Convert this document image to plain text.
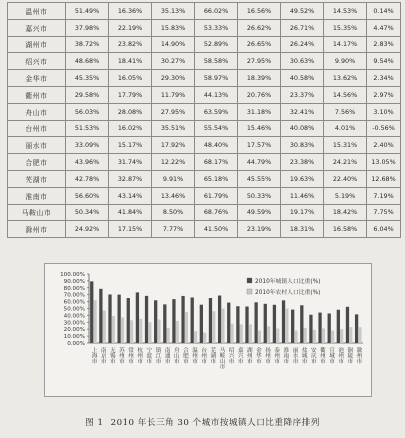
温州市	51.49%	16.36%	35.13%	66.02%	16.56%	49.52%	14.53%	0.14%
嘉兴市	37.98%	22.19%	15.83%	53.33%	26.62%	26.71%	15.35%	4.47%
湖州市	38.72%	23.82%	14.90%	52.89%	26.65%	26.24%	14.17%	2.83%
绍兴市	48.68%	18.41%	30.27%	58.58%	27.95%	30.63%	9.90%	9.54%
金华市	45.35%	16.05%	29.30%	58.97%	18.39%	40.58%	13.62%	2.34%
衢州市	29.58%	17.79%	11.79%	44.13%	20.76%	23.37%	14.56%	2.97%
舟山市	56.03%	28.08%	27.95%	63.59%	31.18%	32.41%	7.56%	3.10%
台州市	51.53%	16.02%	35.51%	55.54%	15.46%	40.08%	4.01%	-0.56%
丽水市	33.09%	15.17%	17.92%	48.40%	17.57%	30.83%	15.31%	2.40%
合肥市	43.96%	31.74%	12.22%	68.17%	44.79%	23.38%	24.21%	13.05%
芜湖市	42.78%	32.87%	9.91%	65.18%	45.55%	19.63%	22.40%	12.68%
淮南市	56.60%	43.14%	13.46%	61.79%	50.33%	11.46%	5.19%	7.19%
马鞍山市	50.34%	41.84%	8.50%	68.76%	49.59%	19.17%	18.42%	7.75%
滁州市	24.92%	17.15%	7.77%	41.50%	23.19%	18.31%	16.58%	6.04%
0.00%
10.00%
20.00%
30.00%
40.00%
50.00%
60.00%
70.00%
80.00%
90.00%
100.00%
上海市 南京市 无锡市 苏州市 常州市 杭州市 宁波市 镇江市 南通市 舟山市 合肥市 温州市 台州市 芜湖市 马鞍山市 绍兴市 嘉兴市 湖州市 金华市 扬州市 泰州市 淮南市 丽水市 盐城市 安庆市 衢州市 宣城市 池州市 铜陵市 滁州市
2010年城镇人口比重(%)
2010年农村人口比重(%)
图 1 2010 年长三角 30 个城市按城镇人口比重降序排列
